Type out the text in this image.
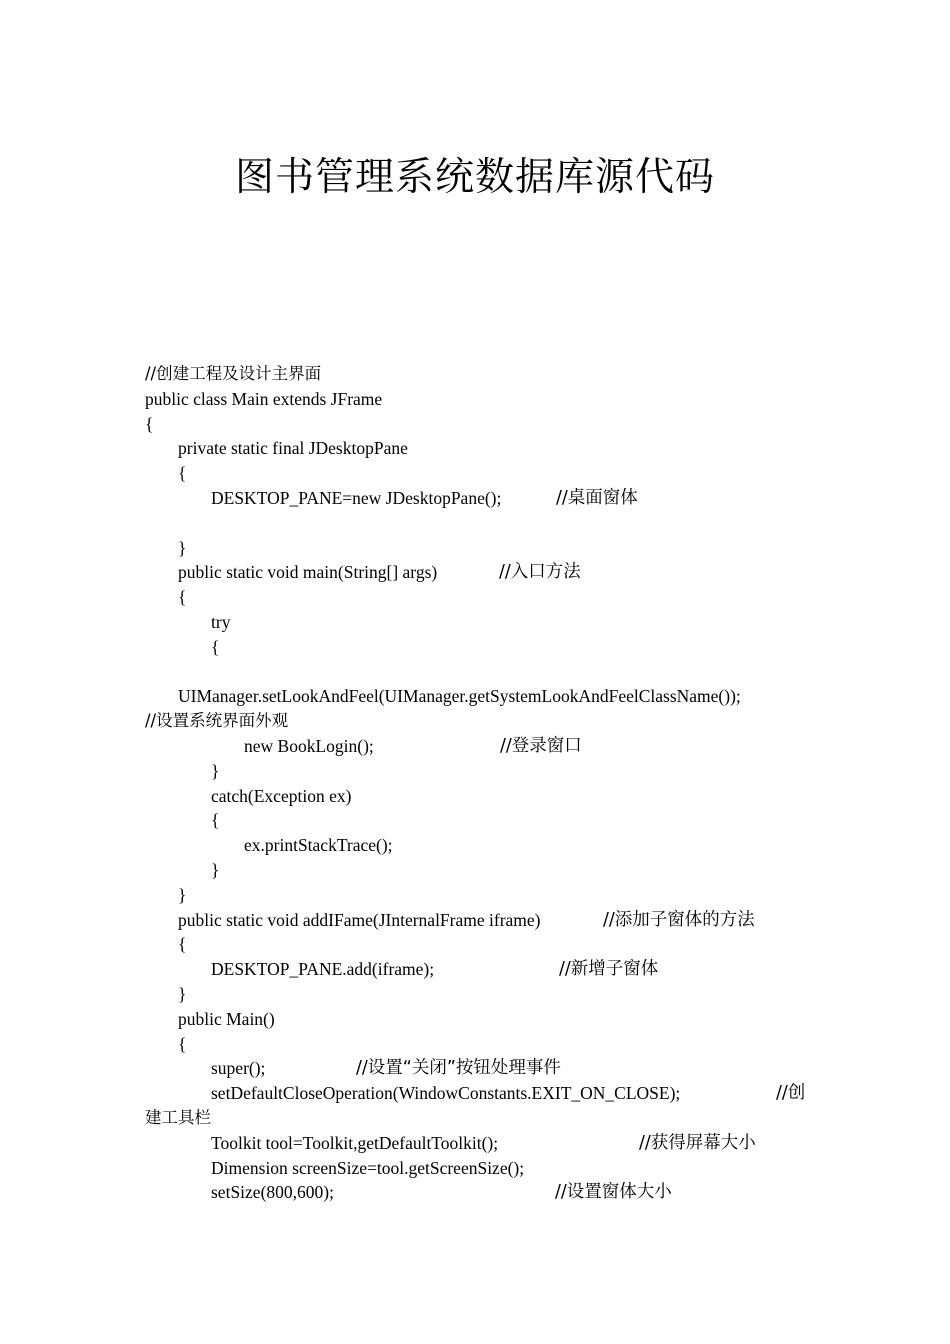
图书管理系统数据库源代码
//创建工程及设计主界面
public class Main extends JFrame
{
private static final JDesktopPane
{
DESKTOP_PANE=new JDesktopPane();	//桌面窗体
}
public static void main(String[] args)	//入口方法
{
try
{
UIManager.setLookAndFeel(UIManager.getSystemLookAndFeelClassName());
//设置系统界面外观
new BookLogin();	//登录窗口
}
catch(Exception ex)
{
ex.printStackTrace();
}
}
public static void addIFame(JInternalFrame iframe)	//添加子窗体的方法
{
DESKTOP_PANE.add(iframe);	//新增子窗体
}
public Main()
{
super();	//设置“关闭”按钮处理事件
setDefaultCloseOperation(WindowConstants.EXIT_ON_CLOSE);	//创
建工具栏
Toolkit tool=Toolkit,getDefaultToolkit();	//获得屏幕大小
Dimension screenSize=tool.getScreenSize();
setSize(800,600);	//设置窗体大小
